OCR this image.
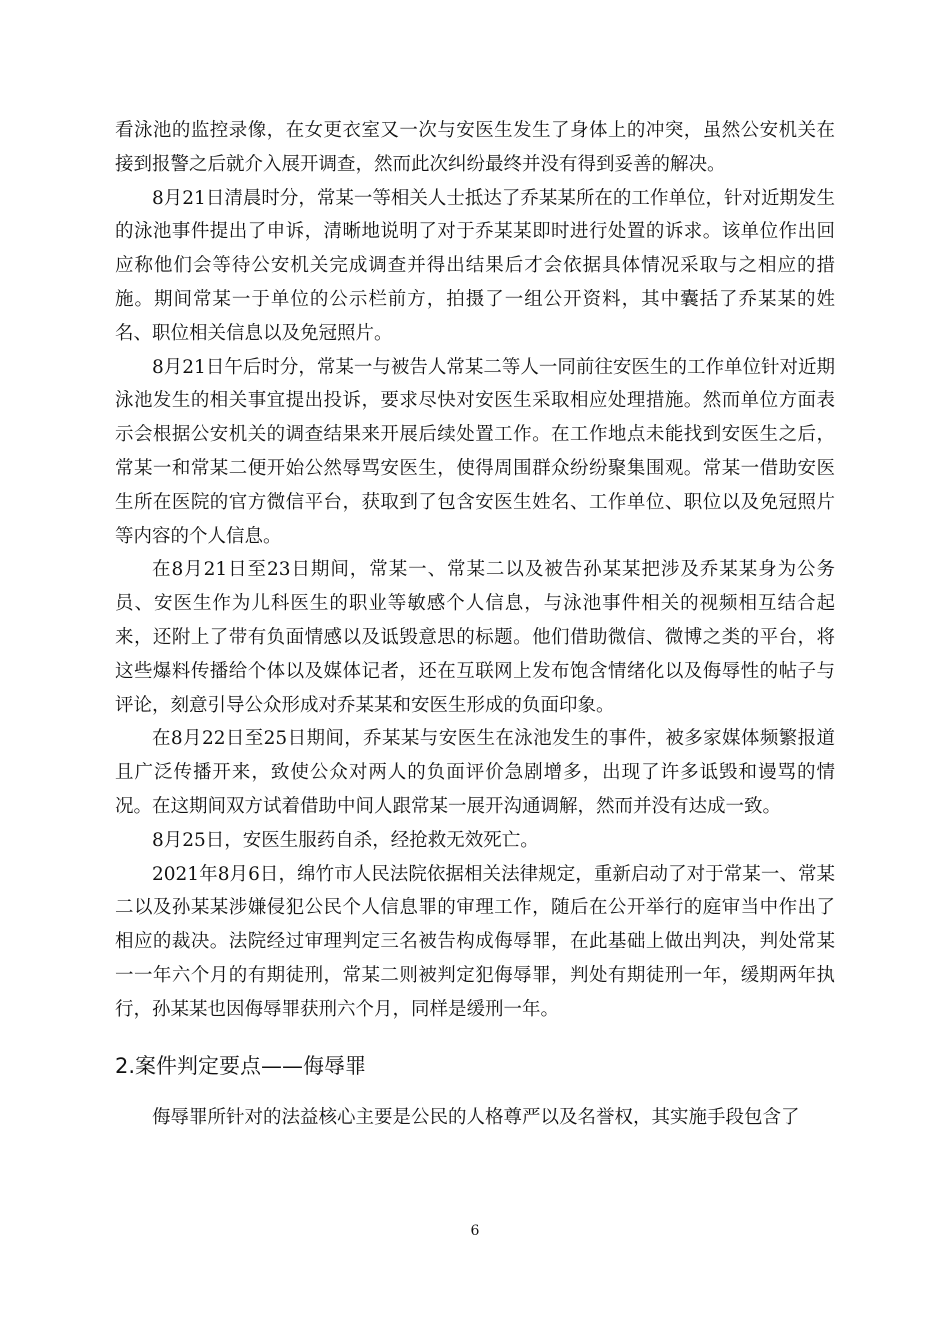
看泳池的监控录像，在女更衣室又一次与安医生发生了身体上的冲突，虽然公安机关在接到报警之后就介入展开调查，然而此次纠纷最终并没有得到妥善的解决。

8月21日清晨时分，常某一等相关人士抵达了乔某某所在的工作单位，针对近期发生的泳池事件提出了申诉，清晰地说明了对于乔某某即时进行处置的诉求。该单位作出回应称他们会等待公安机关完成调查并得出结果后才会依据具体情况采取与之相应的措施。期间常某一于单位的公示栏前方，拍摄了一组公开资料，其中囊括了乔某某的姓名、职位相关信息以及免冠照片。

8月21日午后时分，常某一与被告人常某二等人一同前往安医生的工作单位针对近期泳池发生的相关事宜提出投诉，要求尽快对安医生采取相应处理措施。然而单位方面表示会根据公安机关的调查结果来开展后续处置工作。在工作地点未能找到安医生之后，常某一和常某二便开始公然辱骂安医生，使得周围群众纷纷聚集围观。常某一借助安医生所在医院的官方微信平台，获取到了包含安医生姓名、工作单位、职位以及免冠照片等内容的个人信息。

在8月21日至23日期间，常某一、常某二以及被告孙某某把涉及乔某某身为公务员、安医生作为儿科医生的职业等敏感个人信息，与泳池事件相关的视频相互结合起来，还附上了带有负面情感以及诋毁意思的标题。他们借助微信、微博之类的平台，将这些爆料传播给个体以及媒体记者，还在互联网上发布饱含情绪化以及侮辱性的帖子与评论，刻意引导公众形成对乔某某和安医生形成的负面印象。

在8月22日至25日期间，乔某某与安医生在泳池发生的事件，被多家媒体频繁报道且广泛传播开来，致使公众对两人的负面评价急剧增多，出现了许多诋毁和谩骂的情况。在这期间双方试着借助中间人跟常某一展开沟通调解，然而并没有达成一致。

8月25日，安医生服药自杀，经抢救无效死亡。

2021年8月6日，绵竹市人民法院依据相关法律规定，重新启动了对于常某一、常某二以及孙某某涉嫌侵犯公民个人信息罪的审理工作，随后在公开举行的庭审当中作出了相应的裁决。法院经过审理判定三名被告构成侮辱罪，在此基础上做出判决，判处常某一一年六个月的有期徒刑，常某二则被判定犯侮辱罪，判处有期徒刑一年，缓期两年执行，孙某某也因侮辱罪获刑六个月，同样是缓刑一年。

2.案件判定要点——侮辱罪

侮辱罪所针对的法益核心主要是公民的人格尊严以及名誉权，其实施手段包含了

6
